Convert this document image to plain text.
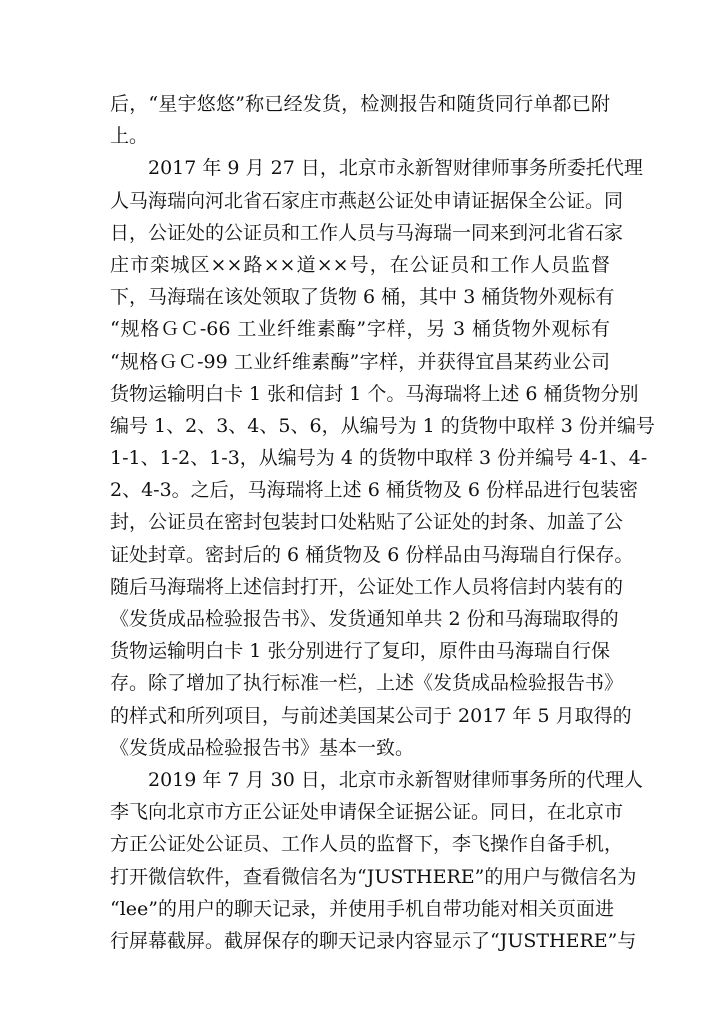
后，“星宇悠悠”称已经发货，检测报告和随货同行单都已附
上。
2017 年 9 月 27 日，北京市永新智财律师事务所委托代理
人马海瑞向河北省石家庄市燕赵公证处申请证据保全公证。同
日，公证处的公证员和工作人员与马海瑞一同来到河北省石家
庄市栾城区××路××道××号，在公证员和工作人员监督
下，马海瑞在该处领取了货物 6 桶，其中 3 桶货物外观标有
“规格ＧＣ-66 工业纤维素酶”字样，另 3 桶货物外观标有
“规格ＧＣ-99 工业纤维素酶”字样，并获得宜昌某药业公司
货物运输明白卡 1 张和信封 1 个。马海瑞将上述 6 桶货物分别
编号 1、2、3、4、5、6，从编号为 1 的货物中取样 3 份并编号
1-1、1-2、1-3，从编号为 4 的货物中取样 3 份并编号 4-1、4-
2、4-3。之后，马海瑞将上述 6 桶货物及 6 份样品进行包装密
封，公证员在密封包装封口处粘贴了公证处的封条、加盖了公
证处封章。密封后的 6 桶货物及 6 份样品由马海瑞自行保存。
随后马海瑞将上述信封打开，公证处工作人员将信封内装有的
《发货成品检验报告书》、发货通知单共 2 份和马海瑞取得的
货物运输明白卡 1 张分别进行了复印，原件由马海瑞自行保
存。除了增加了执行标准一栏，上述《发货成品检验报告书》
的样式和所列项目，与前述美国某公司于 2017 年 5 月取得的
《发货成品检验报告书》基本一致。
2019 年 7 月 30 日，北京市永新智财律师事务所的代理人
李飞向北京市方正公证处申请保全证据公证。同日，在北京市
方正公证处公证员、工作人员的监督下，李飞操作自备手机，
打开微信软件，查看微信名为“JUSTHERE”的用户与微信名为
“lee”的用户的聊天记录，并使用手机自带功能对相关页面进
行屏幕截屏。截屏保存的聊天记录内容显示了“JUSTHERE”与
